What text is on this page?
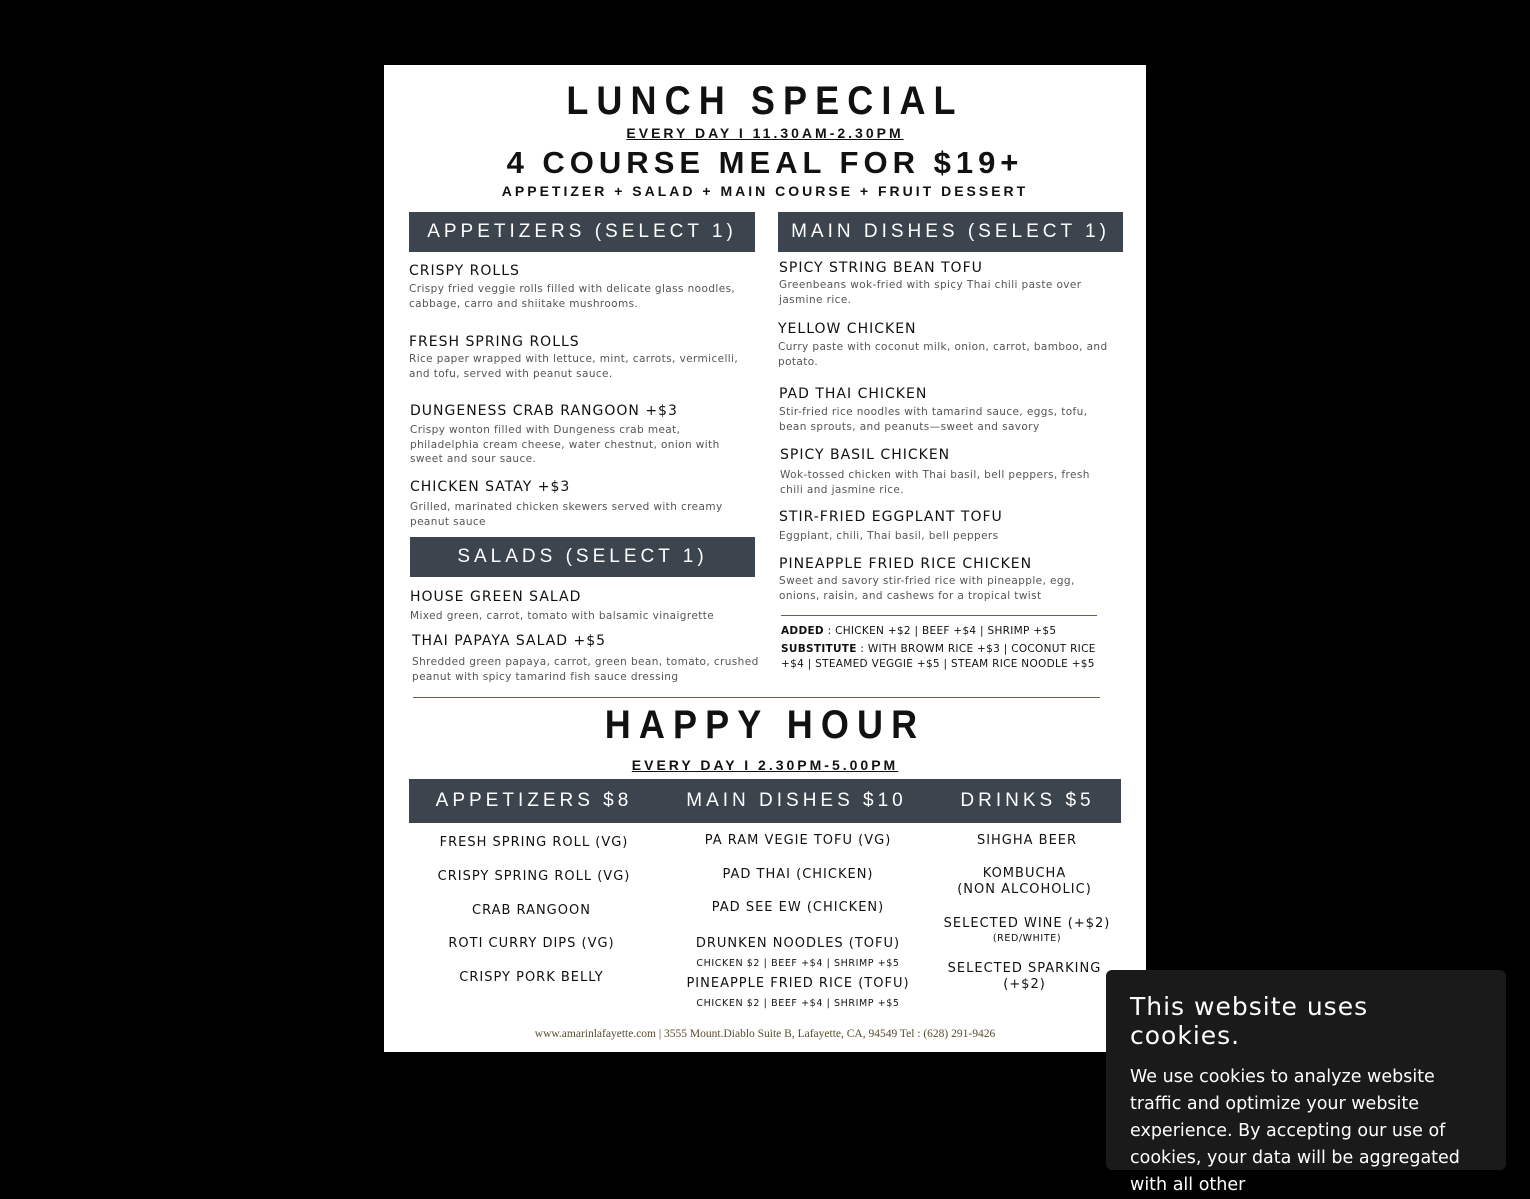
LUNCH SPECIAL
EVERY DAY I 11.30AM-2.30PM
4 COURSE MEAL FOR $19+
APPETIZER + SALAD + MAIN COURSE + FRUIT DESSERT
APPETIZERS (SELECT 1)
CRISPY ROLLS
Crispy fried veggie rolls filled with delicate glass noodles, cabbage, carro and shiitake mushrooms.
FRESH SPRING ROLLS
Rice paper wrapped with lettuce, mint, carrots, vermicelli, and tofu, served with peanut sauce.
DUNGENESS CRAB RANGOON +$3
Crispy wonton filled with Dungeness crab meat, philadelphia cream cheese, water chestnut, onion with sweet and sour sauce.
CHICKEN SATAY +$3
Grilled, marinated chicken skewers served with creamy peanut sauce
SALADS (SELECT 1)
HOUSE GREEN SALAD
Mixed green, carrot, tomato with balsamic vinaigrette
THAI PAPAYA SALAD +$5
Shredded green papaya, carrot, green bean, tomato, crushed peanut with spicy tamarind fish sauce dressing
MAIN DISHES (SELECT 1)
SPICY STRING BEAN TOFU
Greenbeans wok-fried with spicy Thai chili paste over jasmine rice.
YELLOW CHICKEN
Curry paste with coconut milk, onion, carrot, bamboo, and potato.
PAD THAI CHICKEN
Stir-fried rice noodles with tamarind sauce, eggs, tofu, bean sprouts, and peanuts—sweet and savory
SPICY BASIL CHICKEN
Wok-tossed chicken with Thai basil, bell peppers, fresh chili and jasmine rice.
STIR-FRIED EGGPLANT TOFU
Eggplant, chili, Thai basil, bell peppers
PINEAPPLE FRIED RICE CHICKEN
Sweet and savory stir-fried rice with pineapple, egg, onions, raisin, and cashews for a tropical twist
ADDED : CHICKEN +$2 | BEEF +$4 | SHRIMP +$5
SUBSTITUTE : WITH BROWM RICE +$3 | COCONUT RICE +$4 | STEAMED VEGGIE +$5 | STEAM RICE NOODLE +$5
HAPPY HOUR
EVERY DAY I 2.30PM-5.00PM
APPETIZERS $8	MAIN DISHES $10	DRINKS $5
FRESH SPRING ROLL (VG)
CRISPY SPRING ROLL (VG)
CRAB RANGOON
ROTI CURRY DIPS (VG)
CRISPY PORK BELLY
PA RAM VEGIE TOFU (VG)
PAD THAI (CHICKEN)
PAD SEE EW (CHICKEN)
DRUNKEN NOODLES (TOFU)
CHICKEN $2 | BEEF +$4 | SHRIMP +$5
PINEAPPLE FRIED RICE (TOFU)
CHICKEN $2 | BEEF +$4 | SHRIMP +$5
SIHGHA BEER
KOMBUCHA
(NON ALCOHOLIC)
SELECTED WINE (+$2)
(RED/WHITE)
SELECTED SPARKING
(+$2)
www.amarinlafayette.com | 3555 Mount.Diablo Suite B, Lafayette, CA, 94549 Tel : (628) 291-9426
This website uses cookies.

We use cookies to analyze website traffic and optimize your website experience. By accepting our use of cookies, your data will be aggregated with all other
